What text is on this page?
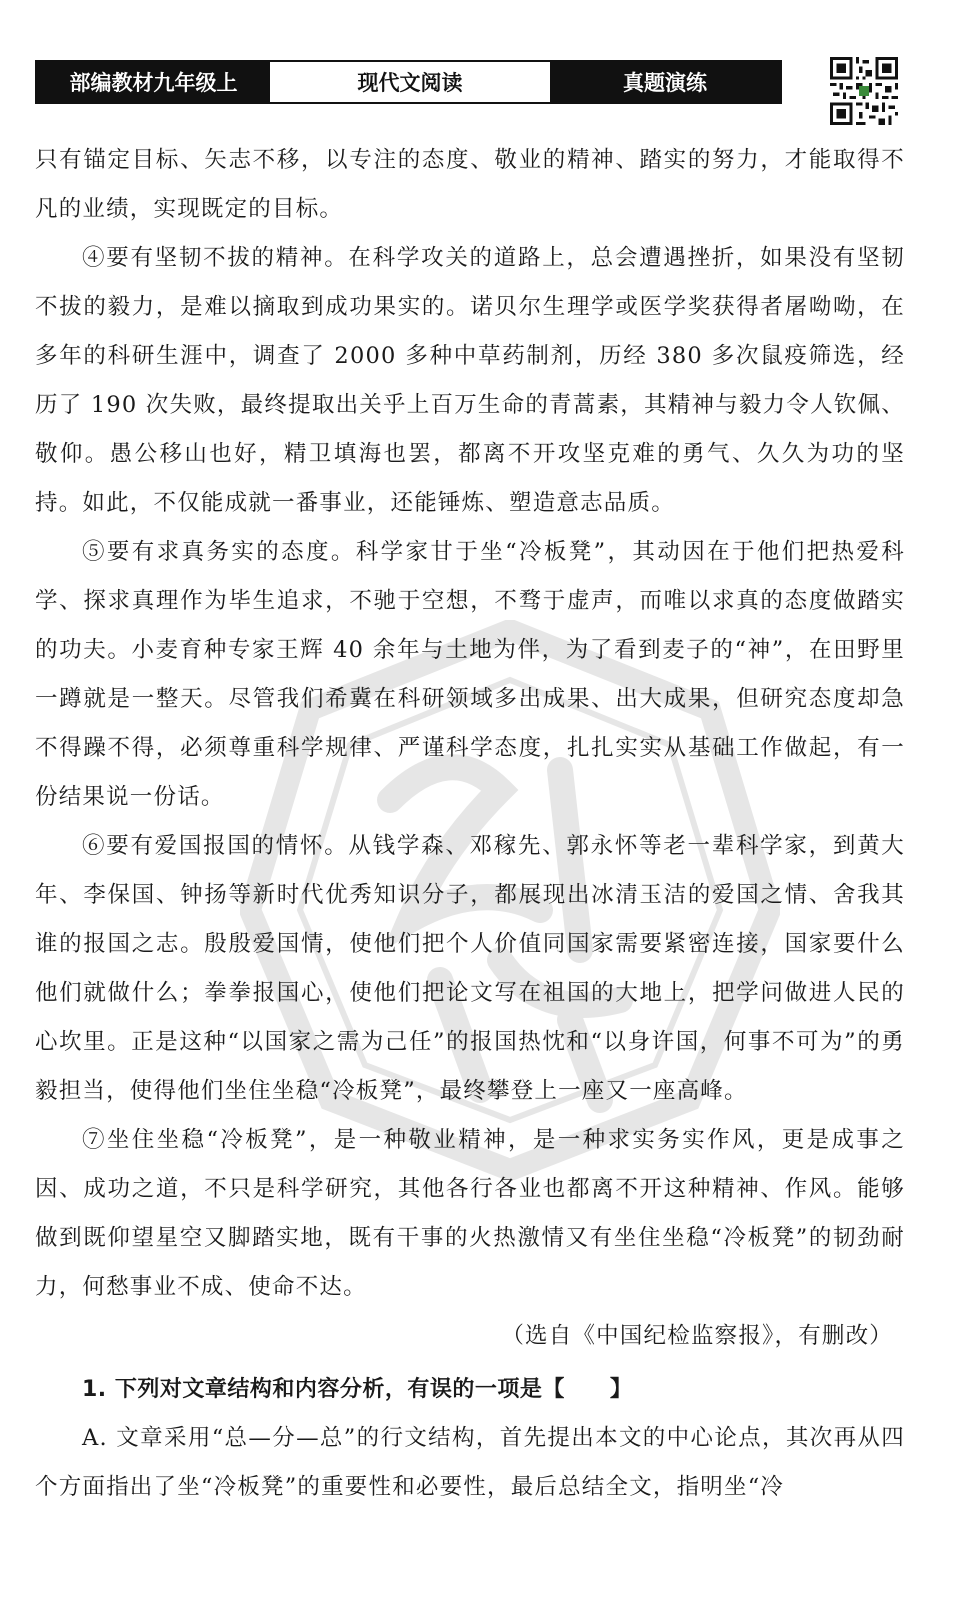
部编教材九年级上	现代文阅读	真题演练

只有锚定目标、矢志不移，以专注的态度、敬业的精神、踏实的努力，才能取得不凡的业绩，实现既定的目标。

④要有坚韧不拔的精神。在科学攻关的道路上，总会遭遇挫折，如果没有坚韧不拔的毅力，是难以摘取到成功果实的。诺贝尔生理学或医学奖获得者屠呦呦，在多年的科研生涯中，调查了 2000 多种中草药制剂，历经 380 多次鼠疫筛选，经历了 190 次失败，最终提取出关乎上百万生命的青蒿素，其精神与毅力令人钦佩、敬仰。愚公移山也好，精卫填海也罢，都离不开攻坚克难的勇气、久久为功的坚持。如此，不仅能成就一番事业，还能锤炼、塑造意志品质。

⑤要有求真务实的态度。科学家甘于坐“冷板凳”，其动因在于他们把热爱科学、探求真理作为毕生追求，不驰于空想，不骛于虚声，而唯以求真的态度做踏实的功夫。小麦育种专家王辉 40 余年与土地为伴，为了看到麦子的“神”，在田野里一蹲就是一整天。尽管我们希冀在科研领域多出成果、出大成果，但研究态度却急不得躁不得，必须尊重科学规律、严谨科学态度，扎扎实实从基础工作做起，有一份结果说一份话。

⑥要有爱国报国的情怀。从钱学森、邓稼先、郭永怀等老一辈科学家，到黄大年、李保国、钟扬等新时代优秀知识分子，都展现出冰清玉洁的爱国之情、舍我其谁的报国之志。殷殷爱国情，使他们把个人价值同国家需要紧密连接，国家要什么他们就做什么；拳拳报国心，使他们把论文写在祖国的大地上，把学问做进人民的心坎里。正是这种“以国家之需为己任”的报国热忱和“以身许国，何事不可为”的勇毅担当，使得他们坐住坐稳“冷板凳”，最终攀登上一座又一座高峰。

⑦坐住坐稳“冷板凳”，是一种敬业精神，是一种求实务实作风，更是成事之因、成功之道，不只是科学研究，其他各行各业也都离不开这种精神、作风。能够做到既仰望星空又脚踏实地，既有干事的火热激情又有坐住坐稳“冷板凳”的韧劲耐力，何愁事业不成、使命不达。

（选自《中国纪检监察报》，有删改）

1. 下列对文章结构和内容分析，有误的一项是【　　】

A. 文章采用“总—分—总”的行文结构，首先提出本文的中心论点，其次再从四个方面指出了坐“冷板凳”的重要性和必要性，最后总结全文，指明坐“冷
